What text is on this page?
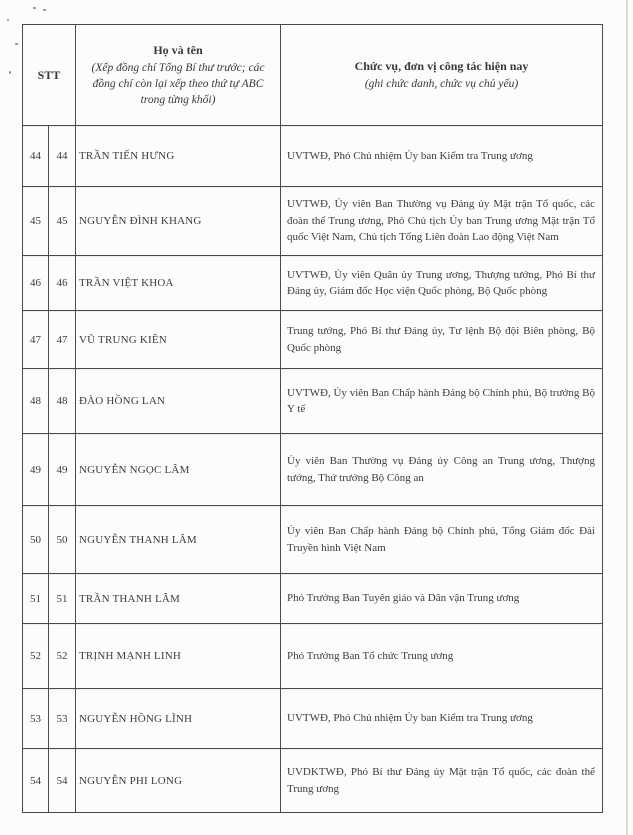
STT

Họ và tên
(Xếp đồng chí Tổng Bí thư trước; các đồng chí còn lại xếp theo thứ tự ABC trong từng khối)

Chức vụ, đơn vị công tác hiện nay
(ghi chức danh, chức vụ chủ yếu)

44	44	TRẦN TIẾN HƯNG	UVTWĐ, Phó Chủ nhiệm Ủy ban Kiểm tra Trung ương
45	45	NGUYỄN ĐÌNH KHANG	UVTWĐ, Ủy viên Ban Thường vụ Đảng ủy Mặt trận Tổ quốc, các đoàn thể Trung ương, Phó Chủ tịch Ủy ban Trung ương Mặt trận Tổ quốc Việt Nam, Chủ tịch Tổng Liên đoàn Lao động Việt Nam
46	46	TRẦN VIỆT KHOA	UVTWĐ, Ủy viên Quân ủy Trung ương, Thượng tướng, Phó Bí thư Đảng ủy, Giám đốc Học viện Quốc phòng, Bộ Quốc phòng
47	47	VŨ TRUNG KIÊN	Trung tướng, Phó Bí thư Đảng ủy, Tư lệnh Bộ đội Biên phòng, Bộ Quốc phòng
48	48	ĐÀO HỒNG LAN	UVTWĐ, Ủy viên Ban Chấp hành Đảng bộ Chính phủ, Bộ trưởng Bộ Y tế
49	49	NGUYỄN NGỌC LÂM	Ủy viên Ban Thường vụ Đảng ủy Công an Trung ương, Thượng tướng, Thứ trưởng Bộ Công an
50	50	NGUYỄN THANH LÂM	Ủy viên Ban Chấp hành Đảng bộ Chính phủ, Tổng Giám đốc Đài Truyền hình Việt Nam
51	51	TRẦN THANH LÂM	Phó Trưởng Ban Tuyên giáo và Dân vận Trung ương
52	52	TRỊNH MẠNH LINH	Phó Trưởng Ban Tổ chức Trung ương
53	53	NGUYỄN HỒNG LĨNH	UVTWĐ, Phó Chủ nhiệm Ủy ban Kiểm tra Trung ương
54	54	NGUYỄN PHI LONG	UVDKTWĐ, Phó Bí thư Đảng ủy Mặt trận Tổ quốc, các đoàn thể Trung ương
